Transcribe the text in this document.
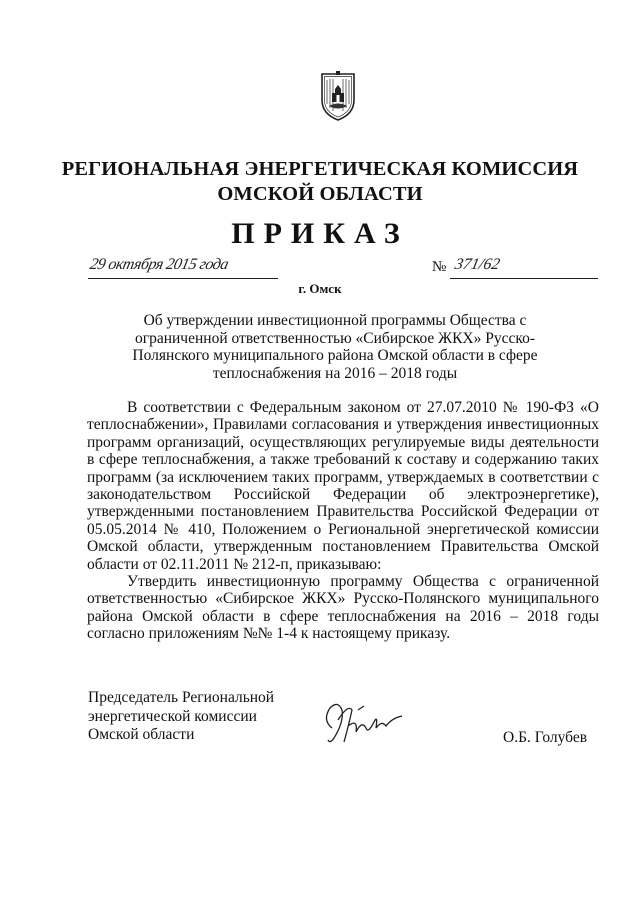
РЕГИОНАЛЬНАЯ ЭНЕРГЕТИЧЕСКАЯ КОМИССИЯ
ОМСКОЙ ОБЛАСТИ
ПРИКАЗ
29 октября 2015 года
г. Омск
№ 371/62
Об утверждении инвестиционной программы Общества с ограниченной ответственностью «Сибирское ЖКХ» Русско-Полянского муниципального района Омской области в сфере теплоснабжения на 2016 – 2018 годы

В соответствии с Федеральным законом от 27.07.2010 № 190-ФЗ «О теплоснабжении», Правилами согласования и утверждения инвестиционных программ организаций, осуществляющих регулируемые виды деятельности в сфере теплоснабжения, а также требований к составу и содержанию таких программ (за исключением таких программ, утверждаемых в соответствии с законодательством Российской Федерации об электроэнергетике), утвержденными постановлением Правительства Российской Федерации от 05.05.2014 № 410, Положением о Региональной энергетической комиссии Омской области, утвержденным постановлением Правительства Омской области от 02.11.2011 № 212-п, приказываю:

Утвердить инвестиционную программу Общества с ограниченной ответственностью «Сибирское ЖКХ» Русско-Полянского муниципального района Омской области в сфере теплоснабжения на 2016 – 2018 годы согласно приложениям №№ 1-4 к настоящему приказу.

Председатель Региональной
энергетической комиссии
Омской области	О.Б. Голубев
